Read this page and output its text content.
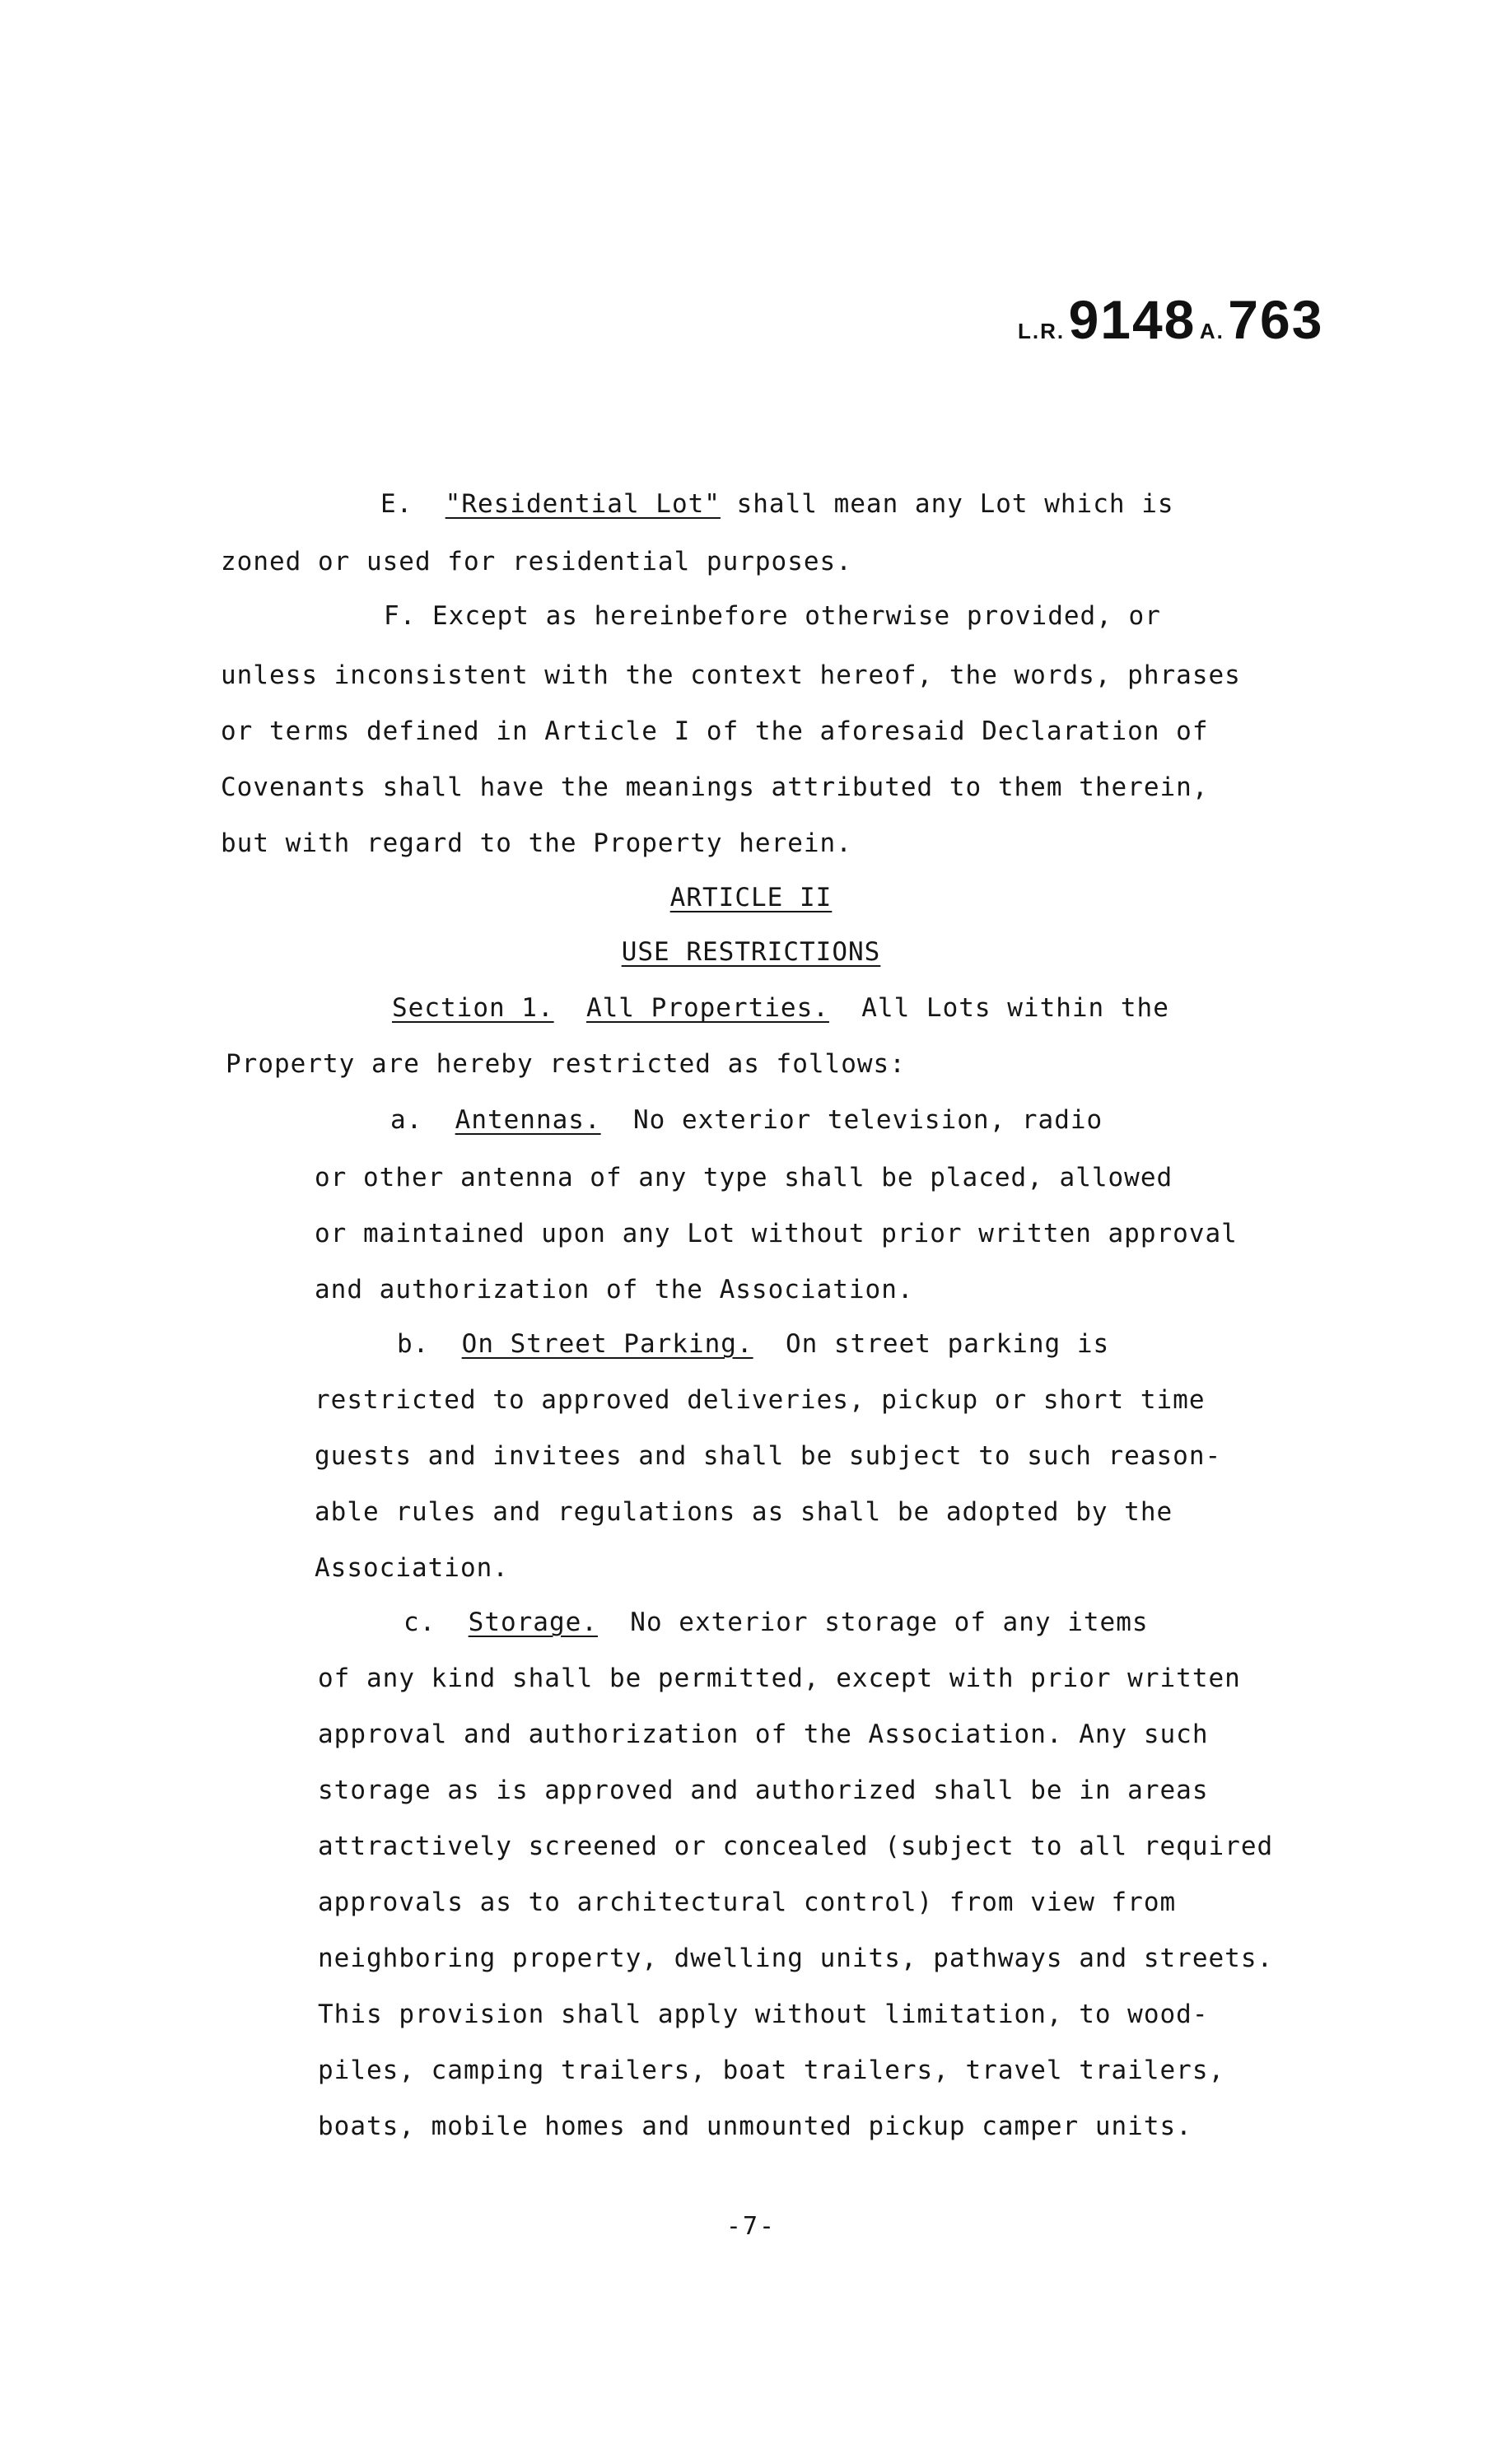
L.R. 9148 A. 763
E. "Residential Lot" shall mean any Lot which is
zoned or used for residential purposes.
F. Except as hereinbefore otherwise provided, or
unless inconsistent with the context hereof, the words, phrases
or terms defined in Article I of the aforesaid Declaration of
Covenants shall have the meanings attributed to them therein,
but with regard to the Property herein.
ARTICLE II
USE RESTRICTIONS
Section 1. All Properties. All Lots within the
Property are hereby restricted as follows:
a. Antennas. No exterior television, radio
or other antenna of any type shall be placed, allowed
or maintained upon any Lot without prior written approval
and authorization of the Association.
b. On Street Parking. On street parking is
restricted to approved deliveries, pickup or short time
guests and invitees and shall be subject to such reason-
able rules and regulations as shall be adopted by the
Association.
c. Storage. No exterior storage of any items
of any kind shall be permitted, except with prior written
approval and authorization of the Association. Any such
storage as is approved and authorized shall be in areas
attractively screened or concealed (subject to all required
approvals as to architectural control) from view from
neighboring property, dwelling units, pathways and streets.
This provision shall apply without limitation, to wood-
piles, camping trailers, boat trailers, travel trailers,
boats, mobile homes and unmounted pickup camper units.
-7-
